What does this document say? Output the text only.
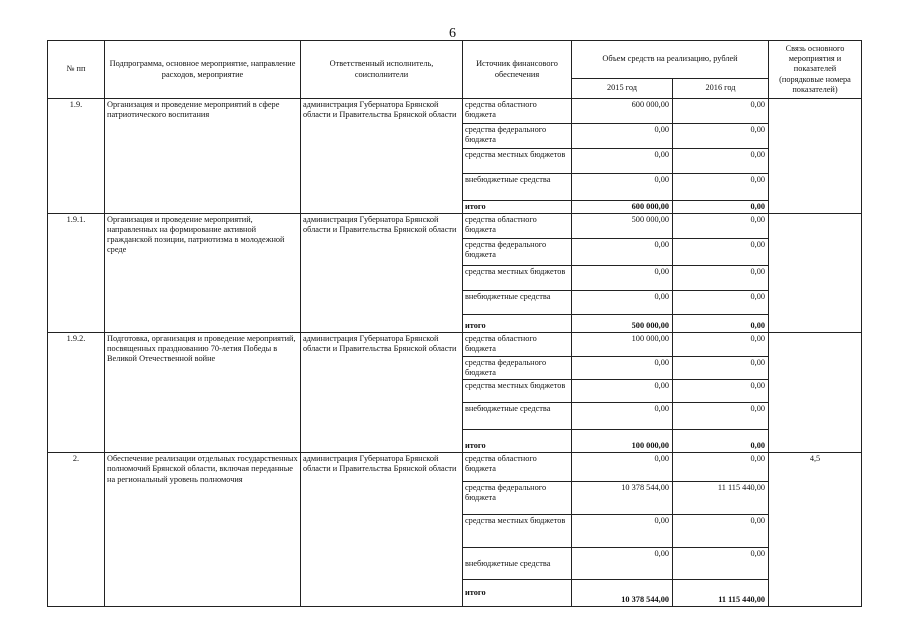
6
№ пп	Подпрограмма, основное мероприятие, направление расходов, мероприятие	Ответственный исполнитель, соисполнители	Источник финансового обеспечения	Объем средств на реализацию, рублей		Связь основного мероприятия и показателей (порядковые номера показателей)
				2015 год	2016 год	
1.9.	Организация и проведение мероприятий в сфере патриотического воспитания	администрация Губернатора Брянской области и Правительства Брянской области	средства областного бюджета	600 000,00	0,00	
			средства федерального бюджета	0,00	0,00	
			средства местных бюджетов	0,00	0,00	
			внебюджетные средства	0,00	0,00	
			итого	600 000,00	0,00	
1.9.1.	Организация и проведение мероприятий, направленных на формирование активной гражданской позиции, патриотизма в молодежной среде	администрация Губернатора Брянской области и Правительства Брянской области	средства областного бюджета	500 000,00	0,00	
			средства федерального бюджета	0,00	0,00	
			средства местных бюджетов	0,00	0,00	
			внебюджетные средства	0,00	0,00	
			итого	500 000,00	0,00	
1.9.2.	Подготовка, организация и проведение мероприятий, посвященных празднованию 70-летия Победы в Великой Отечественной войне	администрация Губернатора Брянской области и Правительства Брянской области	средства областного бюджета	100 000,00	0,00	
			средства федерального бюджета	0,00	0,00	
			средства местных бюджетов	0,00	0,00	
			внебюджетные средства	0,00	0,00	
			итого	100 000,00	0,00	
2.	Обеспечение реализации отдельных государственных полномочий Брянской области, включая переданные на региональный уровень полномочия	администрация Губернатора Брянской области и Правительства Брянской области	средства областного бюджета	0,00	0,00	4,5
			средства федерального бюджета	10 378 544,00	11 115 440,00	
			средства местных бюджетов	0,00	0,00	
			внебюджетные средства	0,00	0,00	
			итого	10 378 544,00	11 115 440,00	
